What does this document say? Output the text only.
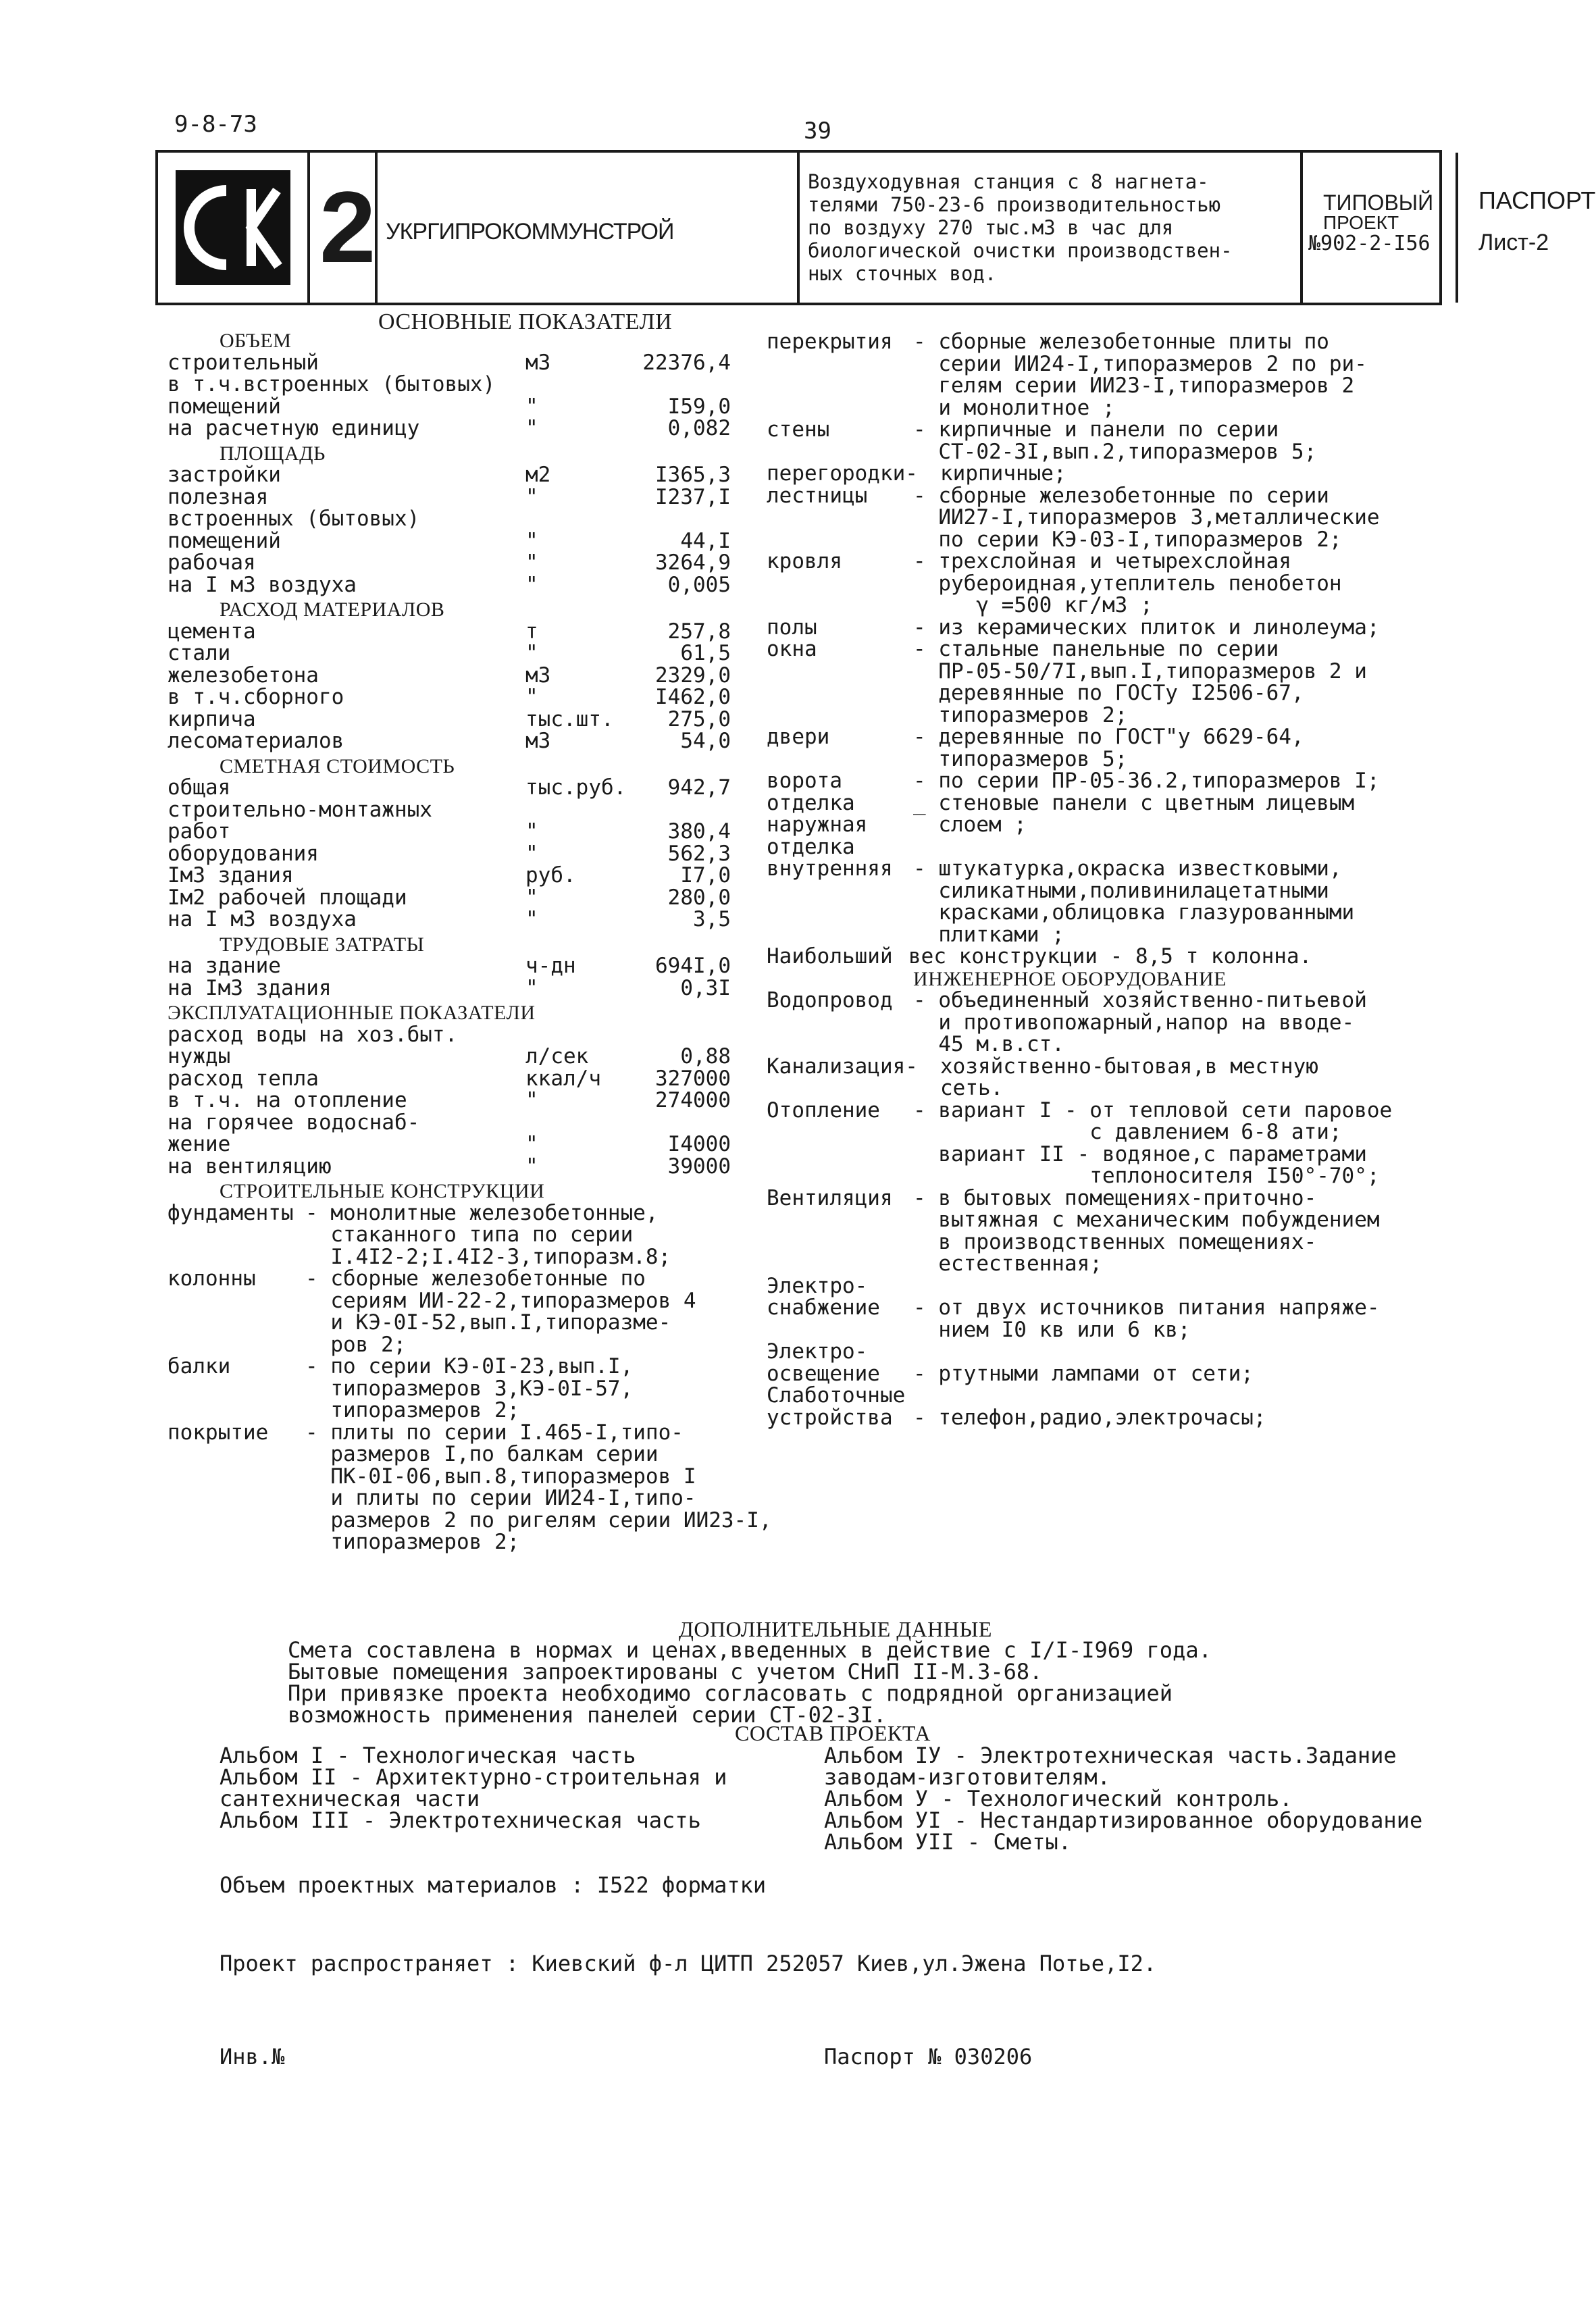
9-8-73	39
2 УКРГИПРОКОММУНСТРОЙ
Воздуходувная станция с 8 нагнета-
телями 750-23-6 производительностью
по воздуху 270 тыс.м3 в час для
биологической очистки производствен-
ных сточных вод.
ТИПОВЫЙ
ПРОЕКТ
№902-2-I56
ПАСПОРТ
Лист-2
ОСНОВНЫЕ ПОКАЗАТЕЛИ
ОБЪЕМ
строительный	м3	22376,4
в т.ч.встроенных (бытовых)
помещений	"	I59,0
на расчетную единицу	"	0,082
ПЛОЩАДЬ
застройки	м2	I365,3
полезная	"	I237,I
встроенных (бытовых)
помещений	"	44,I
рабочая	"	3264,9
на I м3 воздуха	"	0,005
РАСХОД МАТЕРИАЛОВ
цемента	т	257,8
стали	"	61,5
железобетона	м3	2329,0
в т.ч.сборного	"	I462,0
кирпича	тыс.шт.	275,0
лесоматериалов	м3	54,0
СМЕТНАЯ СТОИМОСТЬ
общая	тыс.руб. 942,7
строительно-монтажных
работ	"	380,4
оборудования	"	562,3
Iм3 здания	руб.	I7,0
Iм2 рабочей площади	"	280,0
на I м3 воздуха	"	3,5
ТРУДОВЫЕ ЗАТРАТЫ
на здание	ч-дн	694I,0
на Iм3 здания	"	0,3I
ЭКСПЛУАТАЦИОННЫЕ ПОКАЗАТЕЛИ
расход воды на хоз.быт.
нужды	л/сек	0,88
расход тепла	ккал/ч	327000
в т.ч. на отопление	"	274000
на горячее водоснаб-
жение	"	I4000
на вентиляцию	"	39000
СТРОИТЕЛЬНЫЕ КОНСТРУКЦИИ
фундаменты - монолитные железобетонные,
стаканного типа по серии
I.4I2-2;I.4I2-3,типоразм.8;
колонны - сборные железобетонные по
сериям ИИ-22-2,типоразмеров 4
и КЭ-0I-52,вып.I,типоразме-
ров 2;
балки	- по серии КЭ-0I-23,вып.I,
типоразмеров 3,КЭ-0I-57,
типоразмеров 2;
покрытие - плиты по серии I.465-I,типо-
размеров I,по балкам серии
ПК-0I-06,вып.8,типоразмеров I
и плиты по серии ИИ24-I,типо-
размеров 2 по ригелям серии ИИ23-I,
типоразмеров 2;
перекрытия - сборные железобетонные плиты по
серии ИИ24-I,типоразмеров 2 по ри-
гелям серии ИИ23-I,типоразмеров 2
и монолитное ;
стены	- кирпичные и панели по серии
СТ-02-3I,вып.2,типоразмеров 5;
перегородки- кирпичные;
лестницы - сборные железобетонные по серии
ИИ27-I,типоразмеров 3,металлические
по серии КЭ-03-I,типоразмеров 2;
кровля	- трехслойная и четырехслойная
рубероидная,утеплитель пенобетон
γ =500 кг/м3 ;
полы	- из керамических плиток и линолеума;
окна	- стальные панельные по серии
ПР-05-50/7I,вып.I,типоразмеров 2 и
деревянные по ГОСТу I2506-67,
типоразмеров 2;
двери	- деревянные по ГОСТ"у 6629-64,
типоразмеров 5;
ворота	- по серии ПР-05-36.2,типоразмеров I;
отделка	_ стеновые панели с цветным лицевым
наружная слоем ;
отделка
внутренняя - штукатурка,окраска известковыми,
силикатными,поливинилацетатными
красками,облицовка глазурованными
плитками ;
Наибольший вес конструкции - 8,5 т колонна.
ИНЖЕНЕРНОЕ ОБОРУДОВАНИЕ
Водопровод - объединенный хозяйственно-питьевой
и противопожарный,напор на вводе-
45 м.в.ст.
Канализация- хозяйственно-бытовая,в местную
сеть.
Отопление - вариант I - от тепловой сети паровое
с давлением 6-8 ати;
вариант II - водяное,с параметрами
теплоносителя I50°-70°;
Вентиляция - в бытовых помещениях-приточно-
вытяжная с механическим побуждением
в производственных помещениях-
естественная;
Электро-
снабжение - от двух источников питания напряже-
нием I0 кв или 6 кв;
Электро-
освещение - ртутными лампами от сети;
Слаботочные
устройства - телефон,радио,электрочасы;
ДОПОЛНИТЕЛЬНЫЕ ДАННЫЕ
Смета составлена в нормах и ценах,введенных в действие с I/I-I969 года.
Бытовые помещения запроектированы с учетом СНиП II-М.3-68.
При привязке проекта необходимо согласовать с подрядной организацией
возможность применения панелей серии СТ-02-3I.
СОСТАВ ПРОЕКТА
Альбом I - Технологическая часть
Альбом II - Архитектурно-строительная и
сантехническая части
Альбом III - Электротехническая часть
Альбом IУ - Электротехническая часть.Задание
заводам-изготовителям.
Альбом У - Технологический контроль.
Альбом УI - Нестандартизированное оборудование
Альбом УII - Сметы.
Объем проектных материалов : I522 форматки
Проект распространяет : Киевский ф-л ЦИТП 252057 Киев,ул.Эжена Потье,I2.
Инв.№	Паспорт № 030206
